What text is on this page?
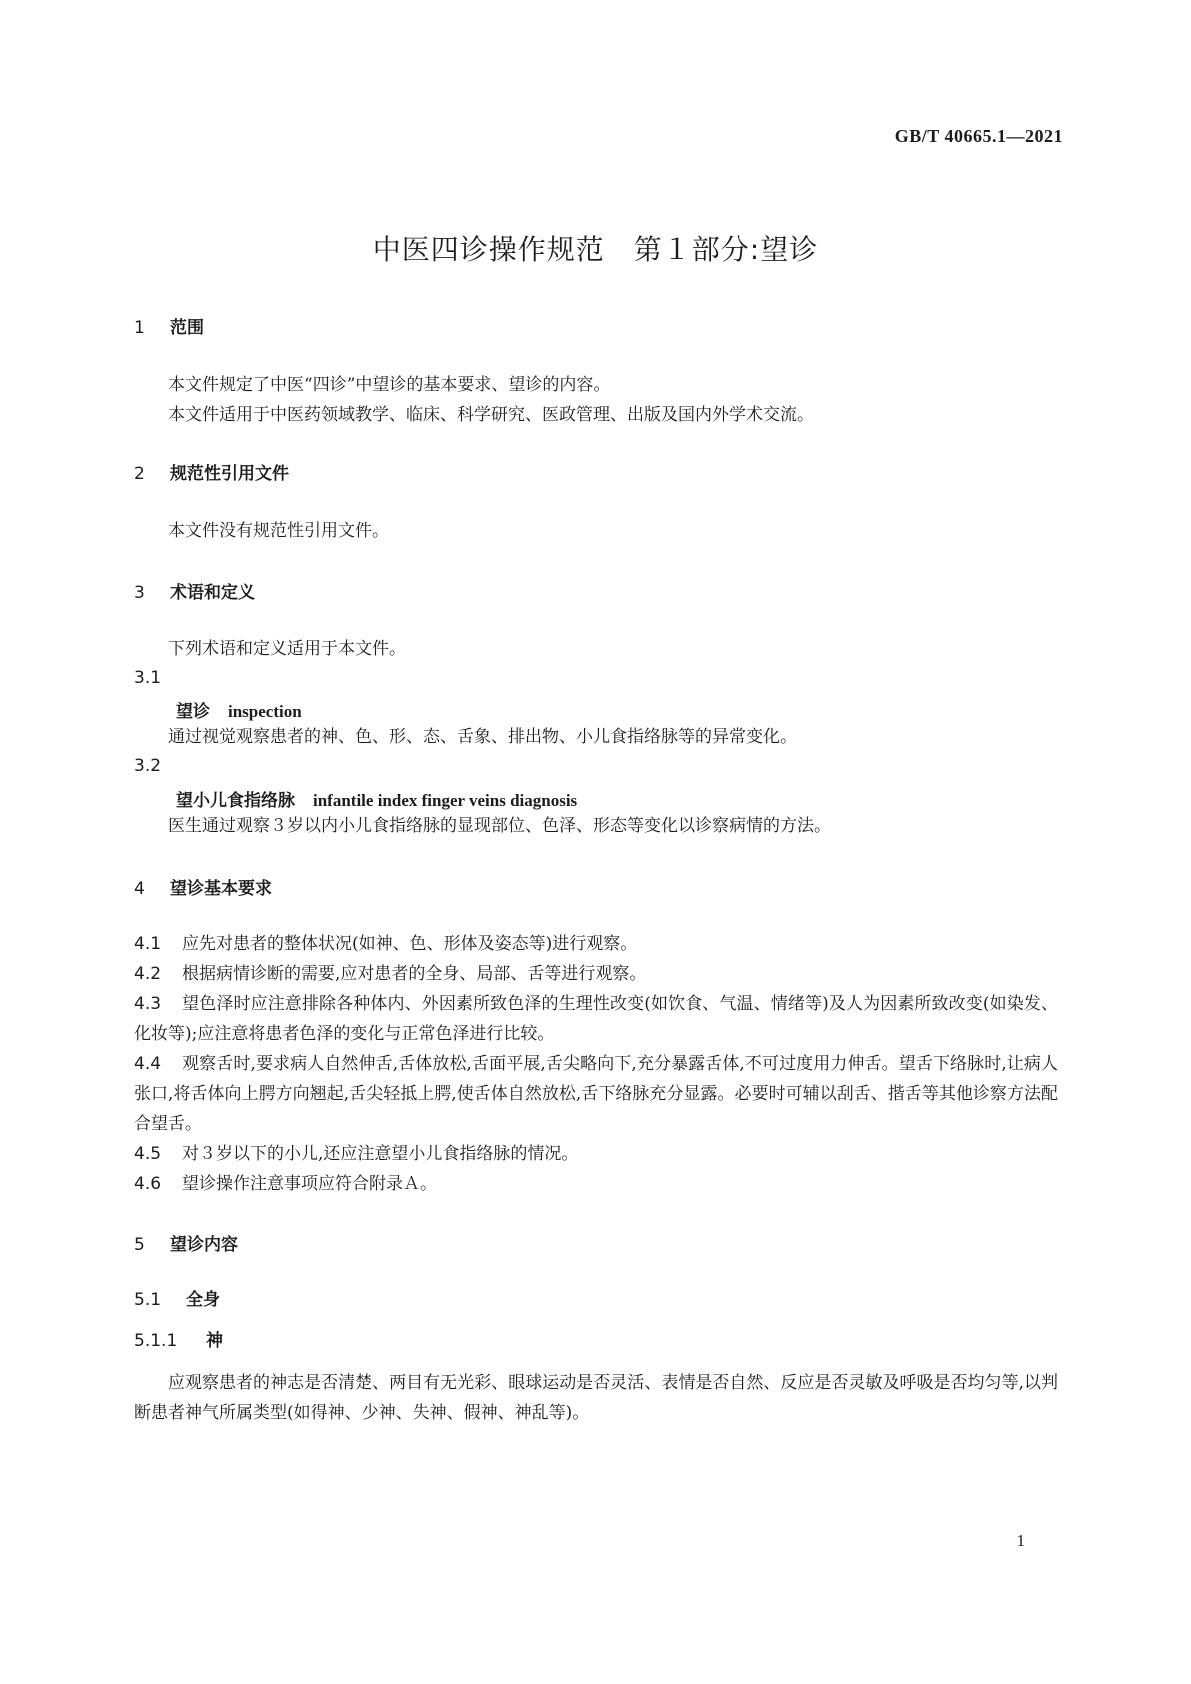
GB/T 40665.1—2021
中医四诊操作规范　第１部分:望诊
1 范围
本文件规定了中医“四诊”中望诊的基本要求、望诊的内容。
本文件适用于中医药领域教学、临床、科学研究、医政管理、出版及国内外学术交流。
2 规范性引用文件
本文件没有规范性引用文件。
3 术语和定义
下列术语和定义适用于本文件。
3.1
望诊 inspection
通过视觉观察患者的神、色、形、态、舌象、排出物、小儿食指络脉等的异常变化。
3.2
望小儿食指络脉 infantile index finger veins diagnosis
医生通过观察３岁以内小儿食指络脉的显现部位、色泽、形态等变化以诊察病情的方法。
4 望诊基本要求
4.1 应先对患者的整体状况(如神、色、形体及姿态等)进行观察。
4.2 根据病情诊断的需要,应对患者的全身、局部、舌等进行观察。
4.3 望色泽时应注意排除各种体内、外因素所致色泽的生理性改变(如饮食、气温、情绪等)及人为因素所致改变(如染发、化妆等);应注意将患者色泽的变化与正常色泽进行比较。
4.4 观察舌时,要求病人自然伸舌,舌体放松,舌面平展,舌尖略向下,充分暴露舌体,不可过度用力伸舌。望舌下络脉时,让病人张口,将舌体向上腭方向翘起,舌尖轻抵上腭,使舌体自然放松,舌下络脉充分显露。必要时可辅以刮舌、揩舌等其他诊察方法配合望舌。
4.5 对３岁以下的小儿,还应注意望小儿食指络脉的情况。
4.6 望诊操作注意事项应符合附录Ａ。
5 望诊内容
5.1 全身
5.1.1 神
应观察患者的神志是否清楚、两目有无光彩、眼球运动是否灵活、表情是否自然、反应是否灵敏及呼吸是否均匀等,以判断患者神气所属类型(如得神、少神、失神、假神、神乱等)。
1
